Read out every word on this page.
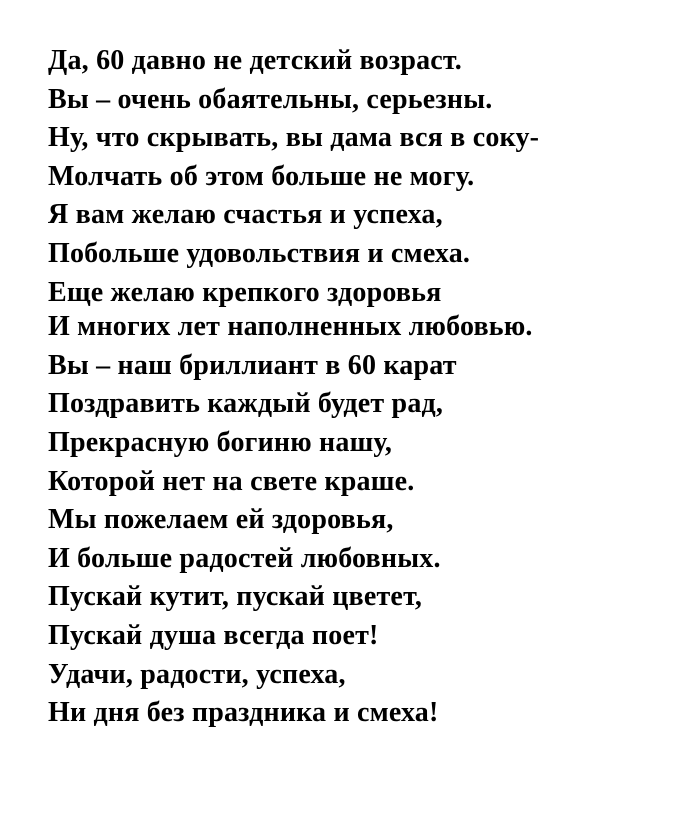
Да, 60 давно не детский возраст.
Вы – очень обаятельны, серьезны.
Ну, что скрывать, вы дама вся в соку-
Молчать об этом больше не могу.
Я вам желаю счастья и успеха,
Побольше удовольствия и смеха.
Еще желаю крепкого здоровья
И многих лет наполненных любовью.
Вы – наш бриллиант в 60 карат
Поздравить каждый будет рад,
Прекрасную богиню нашу,
Которой нет на свете краше.
Мы пожелаем ей здоровья,
И больше радостей любовных.
Пускай кутит, пускай цветет,
Пускай душа всегда поет!
Удачи, радости, успеха,
Ни дня без праздника и смеха!
